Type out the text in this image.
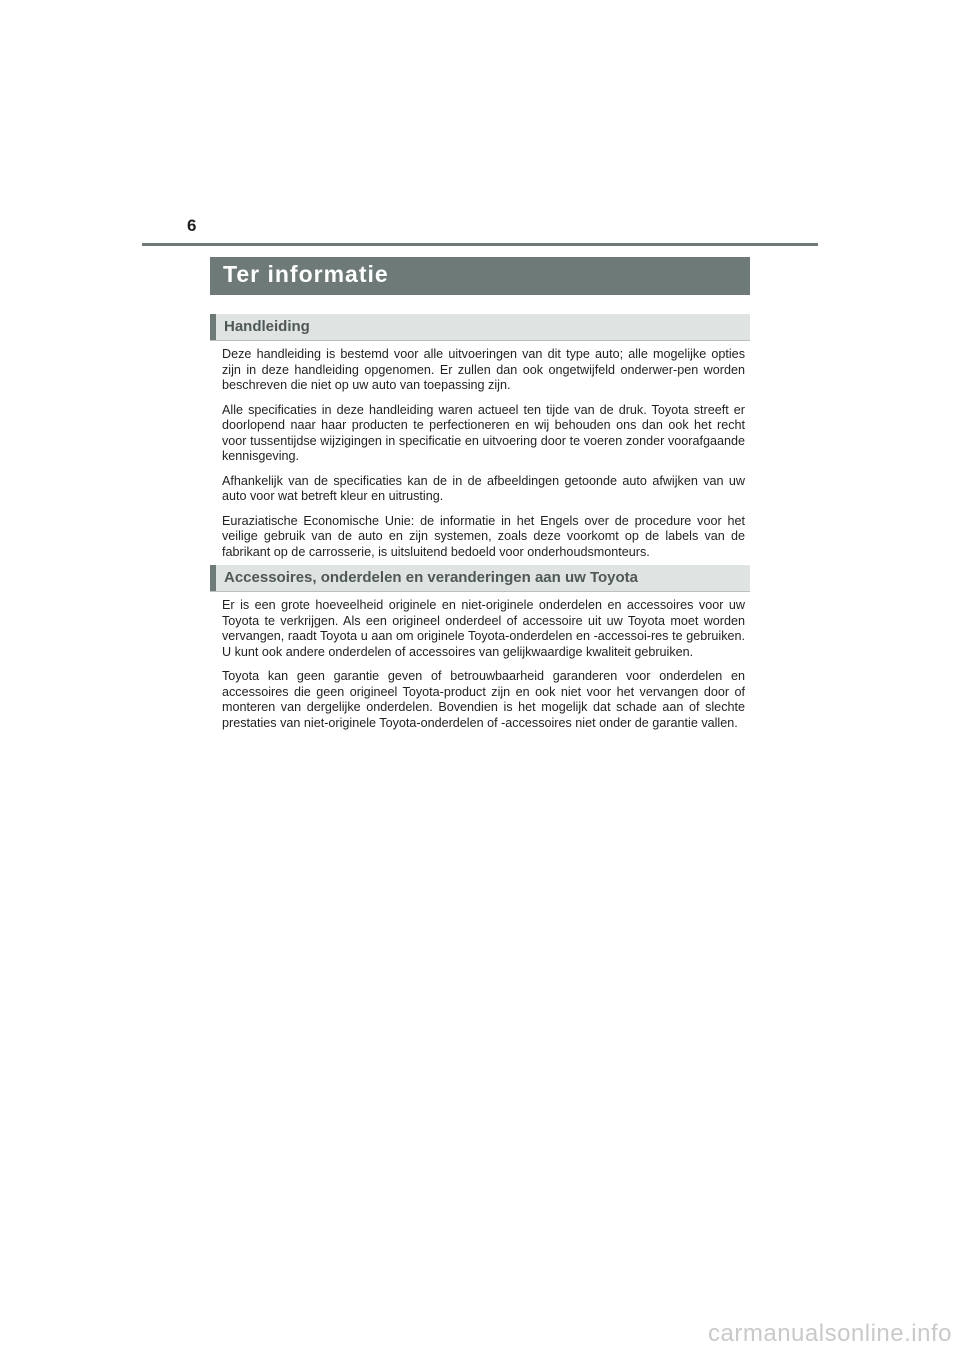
6
Ter informatie
Handleiding

Deze handleiding is bestemd voor alle uitvoeringen van dit type auto; alle mogelijke opties zijn in deze handleiding opgenomen. Er zullen dan ook ongetwijfeld onderwer-pen worden beschreven die niet op uw auto van toepassing zijn.

Alle specificaties in deze handleiding waren actueel ten tijde van de druk. Toyota streeft er doorlopend naar haar producten te perfectioneren en wij behouden ons dan ook het recht voor tussentijdse wijzigingen in specificatie en uitvoering door te voeren zonder voorafgaande kennisgeving.

Afhankelijk van de specificaties kan de in de afbeeldingen getoonde auto afwijken van uw auto voor wat betreft kleur en uitrusting.

Euraziatische Economische Unie: de informatie in het Engels over de procedure voor het veilige gebruik van de auto en zijn systemen, zoals deze voorkomt op de labels van de fabrikant op de carrosserie, is uitsluitend bedoeld voor onderhoudsmonteurs.

Accessoires, onderdelen en veranderingen aan uw Toyota

Er is een grote hoeveelheid originele en niet-originele onderdelen en accessoires voor uw Toyota te verkrijgen. Als een origineel onderdeel of accessoire uit uw Toyota moet worden vervangen, raadt Toyota u aan om originele Toyota-onderdelen en -accessoi-res te gebruiken. U kunt ook andere onderdelen of accessoires van gelijkwaardige kwaliteit gebruiken.

Toyota kan geen garantie geven of betrouwbaarheid garanderen voor onderdelen en accessoires die geen origineel Toyota-product zijn en ook niet voor het vervangen door of monteren van dergelijke onderdelen. Bovendien is het mogelijk dat schade aan of slechte prestaties van niet-originele Toyota-onderdelen of -accessoires niet onder de garantie vallen.

carmanualsonline.info
